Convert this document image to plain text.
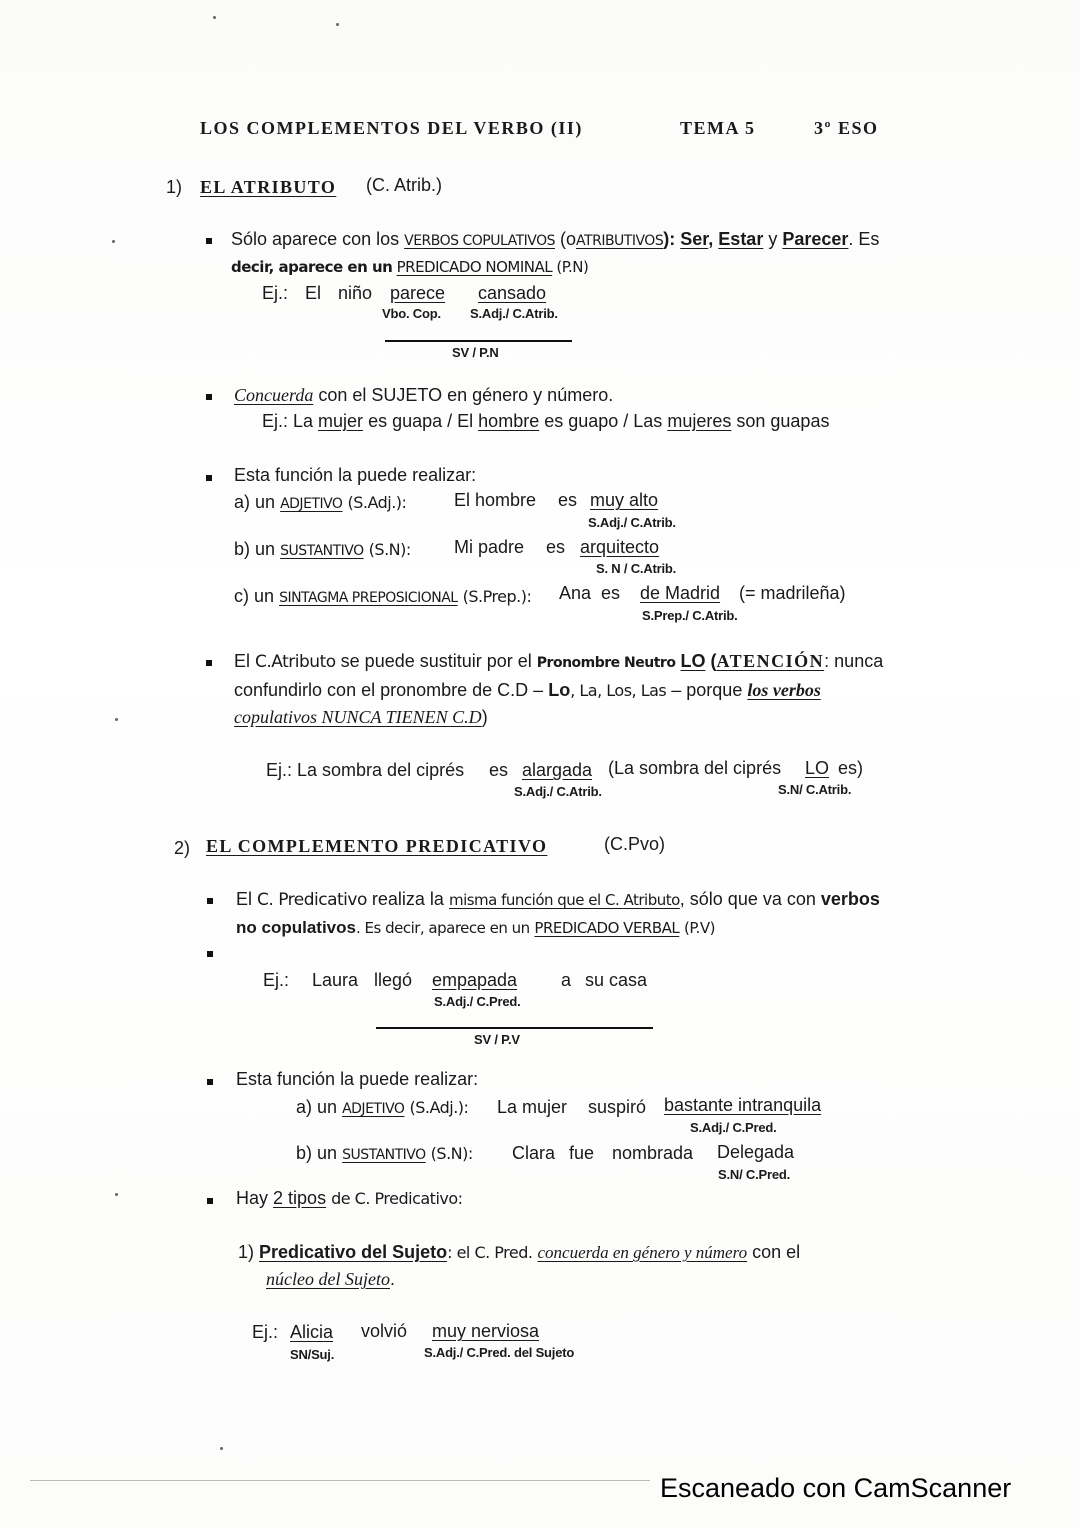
LOS COMPLEMENTOS DEL VERBO (II)	TEMA 5	3º ESO
1) EL ATRIBUTO (C. Atrib.)
Sólo aparece con los VERBOS COPULATIVOS (oATRIBUTIVOS): Ser, Estar y Parecer. Es
decir, aparece en un PREDICADO NOMINAL (P.N)
Ej.: El niño parece cansado
Vbo. Cop. S.Adj./ C.Atrib.
SV / P.N
Concuerda con el SUJETO en género y número.
Ej.: La mujer es guapa / El hombre es guapo / Las mujeres son guapas
Esta función la puede realizar:
a) un ADJETIVO (S.Adj.):	El hombre es muy alto
S.Adj./ C.Atrib.
b) un SUSTANTIVO (S.N): Mi padre es arquitecto
S. N / C.Atrib.
c) un SINTAGMA PREPOSICIONAL (S.Prep.): Ana es de Madrid (= madrileña)
S.Prep./ C.Atrib.
El C.Atributo se puede sustituir por el Pronombre Neutro LO (ATENCIÓN: nunca
confundirlo con el pronombre de C.D – Lo, La, Los, Las – porque los verbos
copulativos NUNCA TIENEN C.D)
Ej.: La sombra del ciprés es alargada (La sombra del ciprés LO es)
S.Adj./ C.Atrib.	S.N/ C.Atrib.
2) EL COMPLEMENTO PREDICATIVO	(C.Pvo)
El C. Predicativo realiza la misma función que el C. Atributo, sólo que va con verbos
no copulativos. Es decir, aparece en un PREDICADO VERBAL (P.V)
Ej.: Laura llegó empapada a su casa
S.Adj./ C.Pred.
SV / P.V
Esta función la puede realizar:
a) un ADJETIVO (S.Adj.): La mujer suspiró bastante intranquila
S.Adj./ C.Pred.
b) un SUSTANTIVO (S.N): Clara fue nombrada Delegada
S.N/ C.Pred.
Hay 2 tipos de C. Predicativo:
1) Predicativo del Sujeto: el C. Pred. concuerda en género y número con el
núcleo del Sujeto.
Ej.: Alicia volvió muy nerviosa
SN/Suj.	S.Adj./ C.Pred. del Sujeto
Escaneado con CamScanner
